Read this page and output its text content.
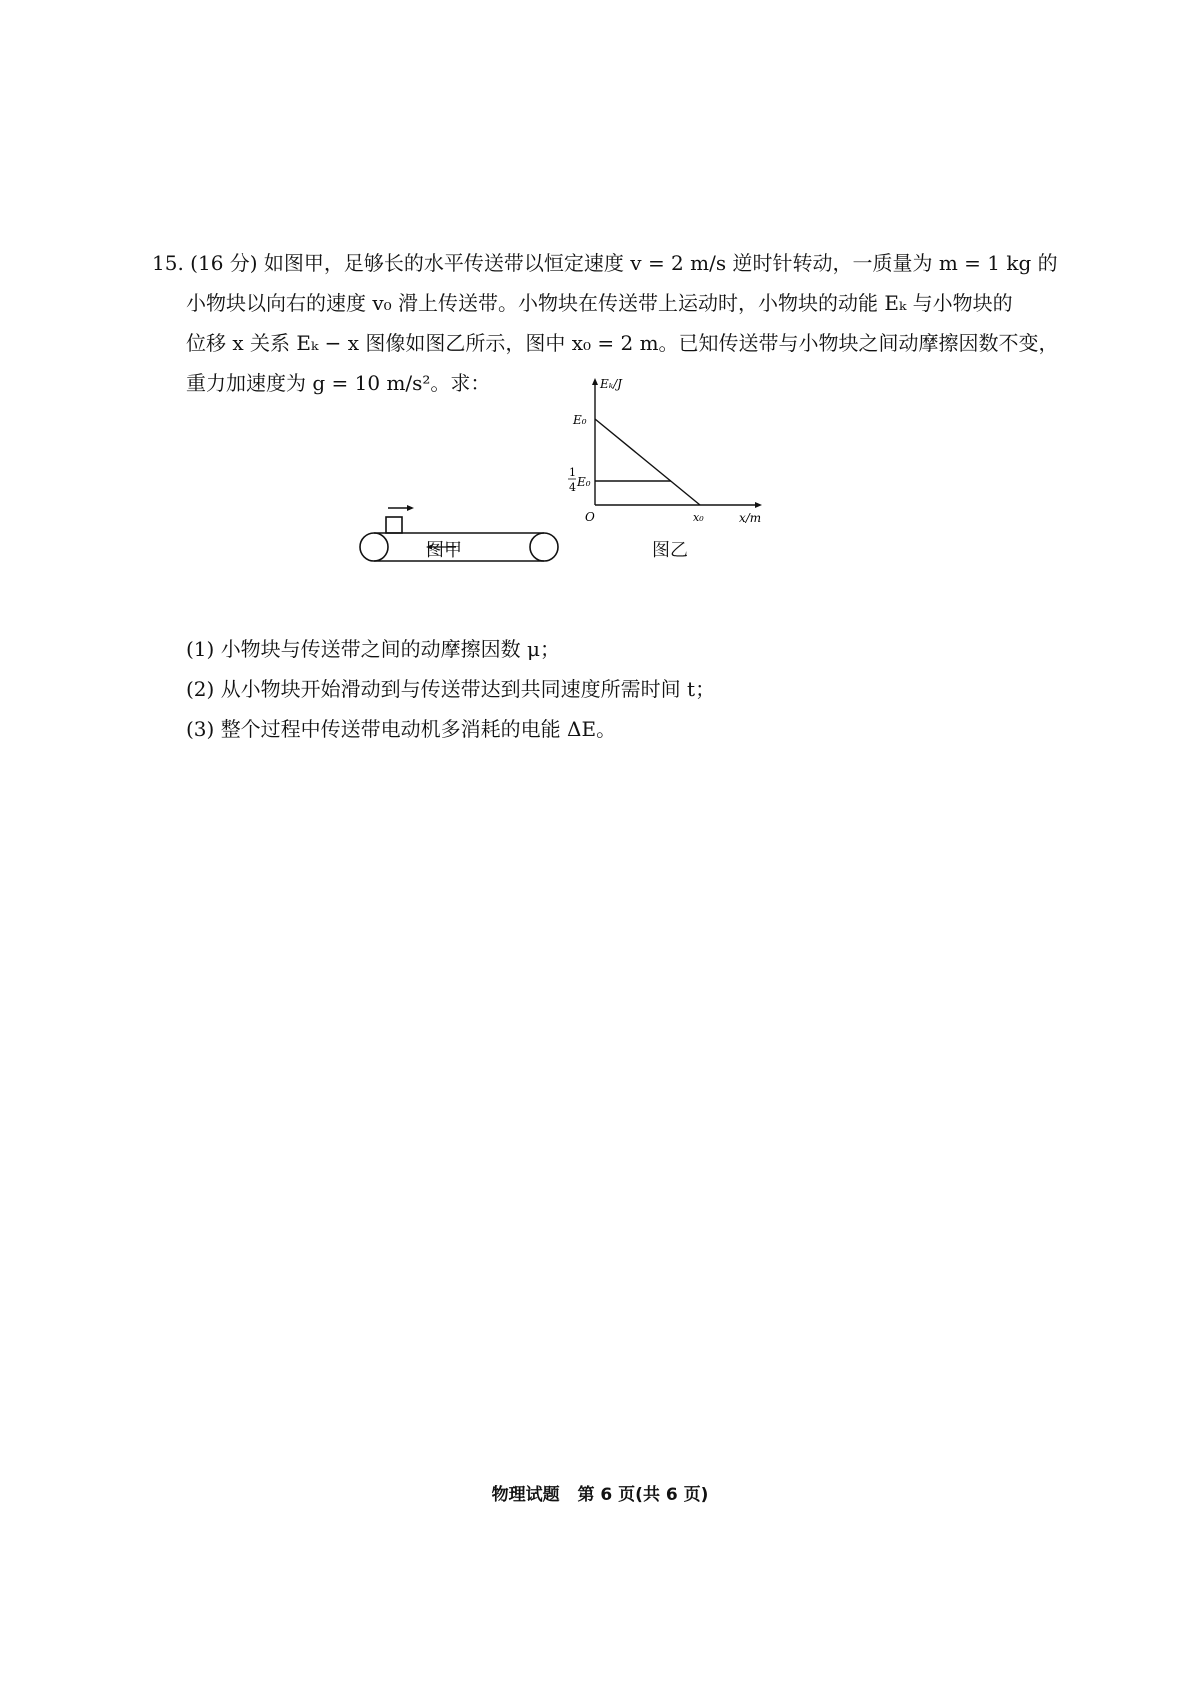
15. (16 分) 如图甲，足够长的水平传送带以恒定速度 v = 2 m/s 逆时针转动，一质量为 m = 1 kg 的
小物块以向右的速度 v₀ 滑上传送带。小物块在传送带上运动时，小物块的动能 Eₖ 与小物块的
位移 x 关系 Eₖ − x 图像如图乙所示，图中 x₀ = 2 m。已知传送带与小物块之间动摩擦因数不变，
重力加速度为 g = 10 m/s²。求：
图甲
Eₖ/J
x/m
O
E₀
1
4 E₀
x₀
图乙
(1) 小物块与传送带之间的动摩擦因数 μ；
(2) 从小物块开始滑动到与传送带达到共同速度所需时间 t；
(3) 整个过程中传送带电动机多消耗的电能 ΔE。
物理试题 第 6 页(共 6 页)
